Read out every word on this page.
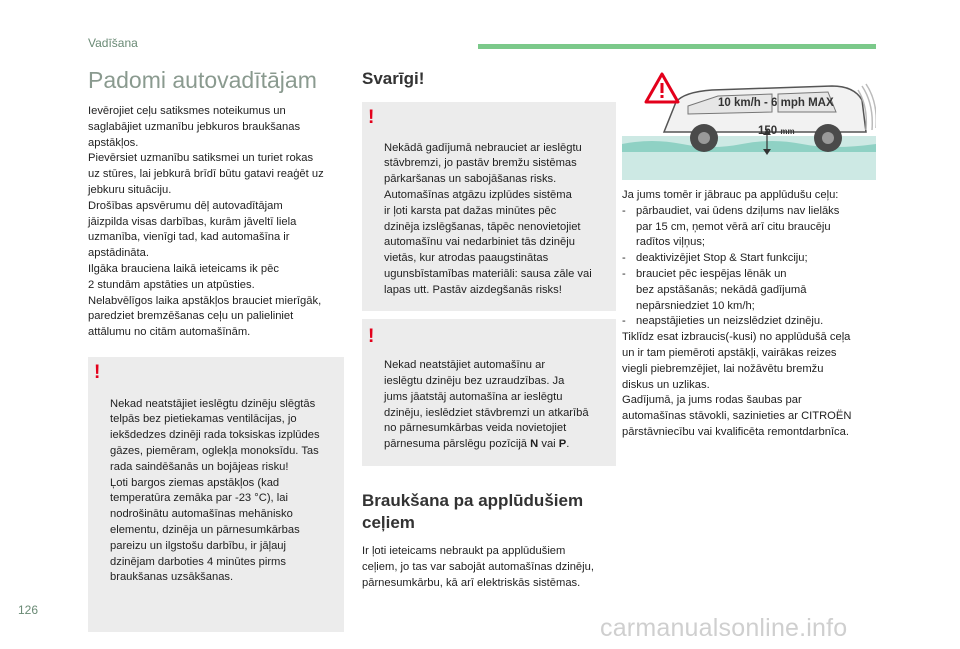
Vadīšana
Padomi autovadītājam

Ievērojiet ceļu satiksmes noteikumus un
saglabājiet uzmanību jebkuros braukšanas
apstākļos.
Pievērsiet uzmanību satiksmei un turiet rokas
uz stūres, lai jebkurā brīdī būtu gatavi reaģēt uz
jebkuru situāciju.
Drošības apsvērumu dēļ autovadītājam
jāizpilda visas darbības, kurām jāveltī liela
uzmanība, vienīgi tad, kad automašīna ir
apstādināta.
Ilgāka brauciena laikā ieteicams ik pēc
2 stundām apstāties un atpūsties.
Nelabvēlīgos laika apstākļos brauciet mierīgāk,
paredziet bremzēšanas ceļu un palieliniet
attālumu no citām automašīnām.

!

Nekad neatstājiet ieslēgtu dzinēju slēgtās
telpās bez pietiekamas ventilācijas, jo
iekšdedzes dzinēji rada toksiskas izplūdes
gāzes, piemēram, oglekļa monoksīdu. Tas
rada saindēšanās un bojājeas risku!
Ļoti bargos ziemas apstākļos (kad
temperatūra zemāka par -23 °C), lai
nodrošinātu automašīnas mehānisko
elementu, dzinēja un pārnesumkārbas
pareizu un ilgstošu darbību, ir jāļauj
dzinējam darboties 4 minūtes pirms
braukšanas uzsākšanas.

Svarīgi!

!

Nekādā gadījumā nebrauciet ar ieslēgtu
stāvbremzi, jo pastāv bremžu sistēmas
pārkaršanas un sabojāšanas risks.
Automašīnas atgāzu izplūdes sistēma
ir ļoti karsta pat dažas minūtes pēc
dzinēja izslēgšanas, tāpēc nenovietojiet
automašīnu vai nedarbiniet tās dzinēju
vietās, kur atrodas paaugstinātas
ugunsbīstamības materiāli: sausa zāle vai
lapas utt. Pastāv aizdegšanās risks!

!

Nekad neatstājiet automašīnu ar
ieslēgtu dzinēju bez uzraudzības. Ja
jums jāatstāj automašīna ar ieslēgtu
dzinēju, ieslēdziet stāvbremzi un atkarībā
no pārnesumkārbas veida novietojiet
pārnesuma pārslēgu pozīcijā N vai P.

Braukšana pa applūdušiem
ceļiem

Ir ļoti ieteicams nebraukt pa applūdušiem
ceļiem, jo tas var sabojāt automašīnas dzinēju,
pārnesumkārbu, kā arī elektriskās sistēmas.

10 km/h - 6 mph MAX
150 mm

Ja jums tomēr ir jābrauc pa applūdušu ceļu:

- pārbaudiet, vai ūdens dziļums nav lielāks
par 15 cm, ņemot vērā arī citu braucēju
radītos viļņus;
- deaktivizējiet Stop & Start funkciju;
- brauciet pēc iespējas lēnāk un
bez apstāšanās; nekādā gadījumā
nepārsniedziet 10 km/h;
- neapstājieties un neizslēdziet dzinēju.

Tiklīdz esat izbraucis(-kusi) no applūdušā ceļa
un ir tam piemēroti apstākļi, vairākas reizes
viegli piebremzējiet, lai nožāvētu bremžu
diskus un uzlikas.
Gadījumā, ja jums rodas šaubas par
automašīnas stāvokli, sazinieties ar CITROËN
pārstāvniecību vai kvalificēta remontdarbnīca.

126
carmanualsonline.info
